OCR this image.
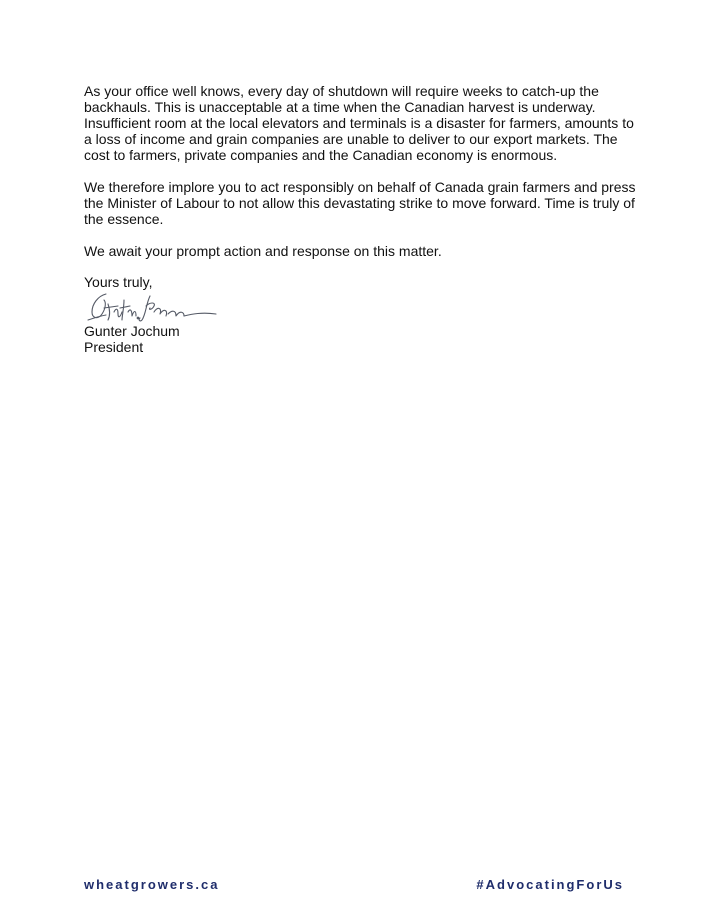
As your office well knows, every day of shutdown will require weeks to catch-up the backhauls. This is unacceptable at a time when the Canadian harvest is underway. Insufficient room at the local elevators and terminals is a disaster for farmers, amounts to a loss of income and grain companies are unable to deliver to our export markets. The cost to farmers, private companies and the Canadian economy is enormous.

We therefore implore you to act responsibly on behalf of Canada grain farmers and press the Minister of Labour to not allow this devastating strike to move forward. Time is truly of the essence.

We await your prompt action and response on this matter.

Yours truly,

Gunter Jochum
President
wheatgrowers.ca	#AdvocatingForUs
